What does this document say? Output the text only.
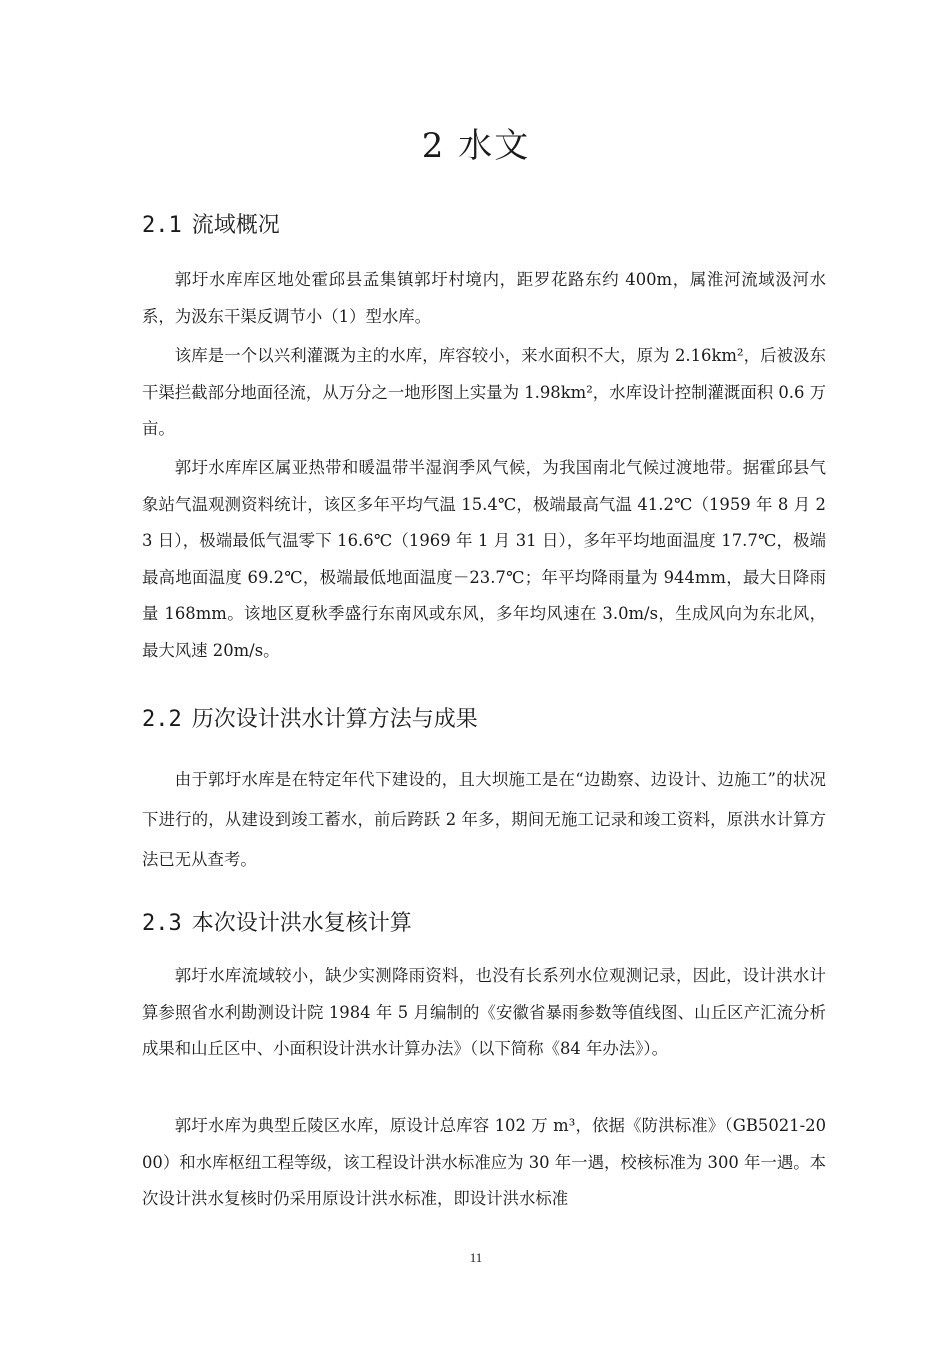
2 水文
2.1 流域概况

郭圩水库库区地处霍邱县孟集镇郭圩村境内，距罗花路东约 400m，属淮河流域汲河水系，为汲东干渠反调节小（1）型水库。

该库是一个以兴利灌溉为主的水库，库容较小，来水面积不大，原为 2.16km²，后被汲东干渠拦截部分地面径流，从万分之一地形图上实量为 1.98km²，水库设计控制灌溉面积 0.6 万亩。

郭圩水库库区属亚热带和暖温带半湿润季风气候，为我国南北气候过渡地带。据霍邱县气象站气温观测资料统计，该区多年平均气温 15.4℃，极端最高气温 41.2℃（1959 年 8 月 23 日），极端最低气温零下 16.6℃（1969 年 1 月 31 日），多年平均地面温度 17.7℃，极端最高地面温度 69.2℃，极端最低地面温度－23.7℃；年平均降雨量为 944mm，最大日降雨量 168mm。该地区夏秋季盛行东南风或东风，多年均风速在 3.0m/s，生成风向为东北风，最大风速 20m/s。

2.2 历次设计洪水计算方法与成果

由于郭圩水库是在特定年代下建设的，且大坝施工是在“边勘察、边设计、边施工”的状况下进行的，从建设到竣工蓄水，前后跨跃 2 年多，期间无施工记录和竣工资料，原洪水计算方法已无从查考。

2.3 本次设计洪水复核计算

郭圩水库流域较小，缺少实测降雨资料，也没有长系列水位观测记录，因此，设计洪水计算参照省水利勘测设计院 1984 年 5 月编制的《安徽省暴雨参数等值线图、山丘区产汇流分析成果和山丘区中、小面积设计洪水计算办法》（以下简称《84 年办法》）。

郭圩水库为典型丘陵区水库，原设计总库容 102 万 m³，依据《防洪标准》（GB5021-2000）和水库枢纽工程等级，该工程设计洪水标准应为 30 年一遇，校核标准为 300 年一遇。本次设计洪水复核时仍采用原设计洪水标准，即设计洪水标准

11
